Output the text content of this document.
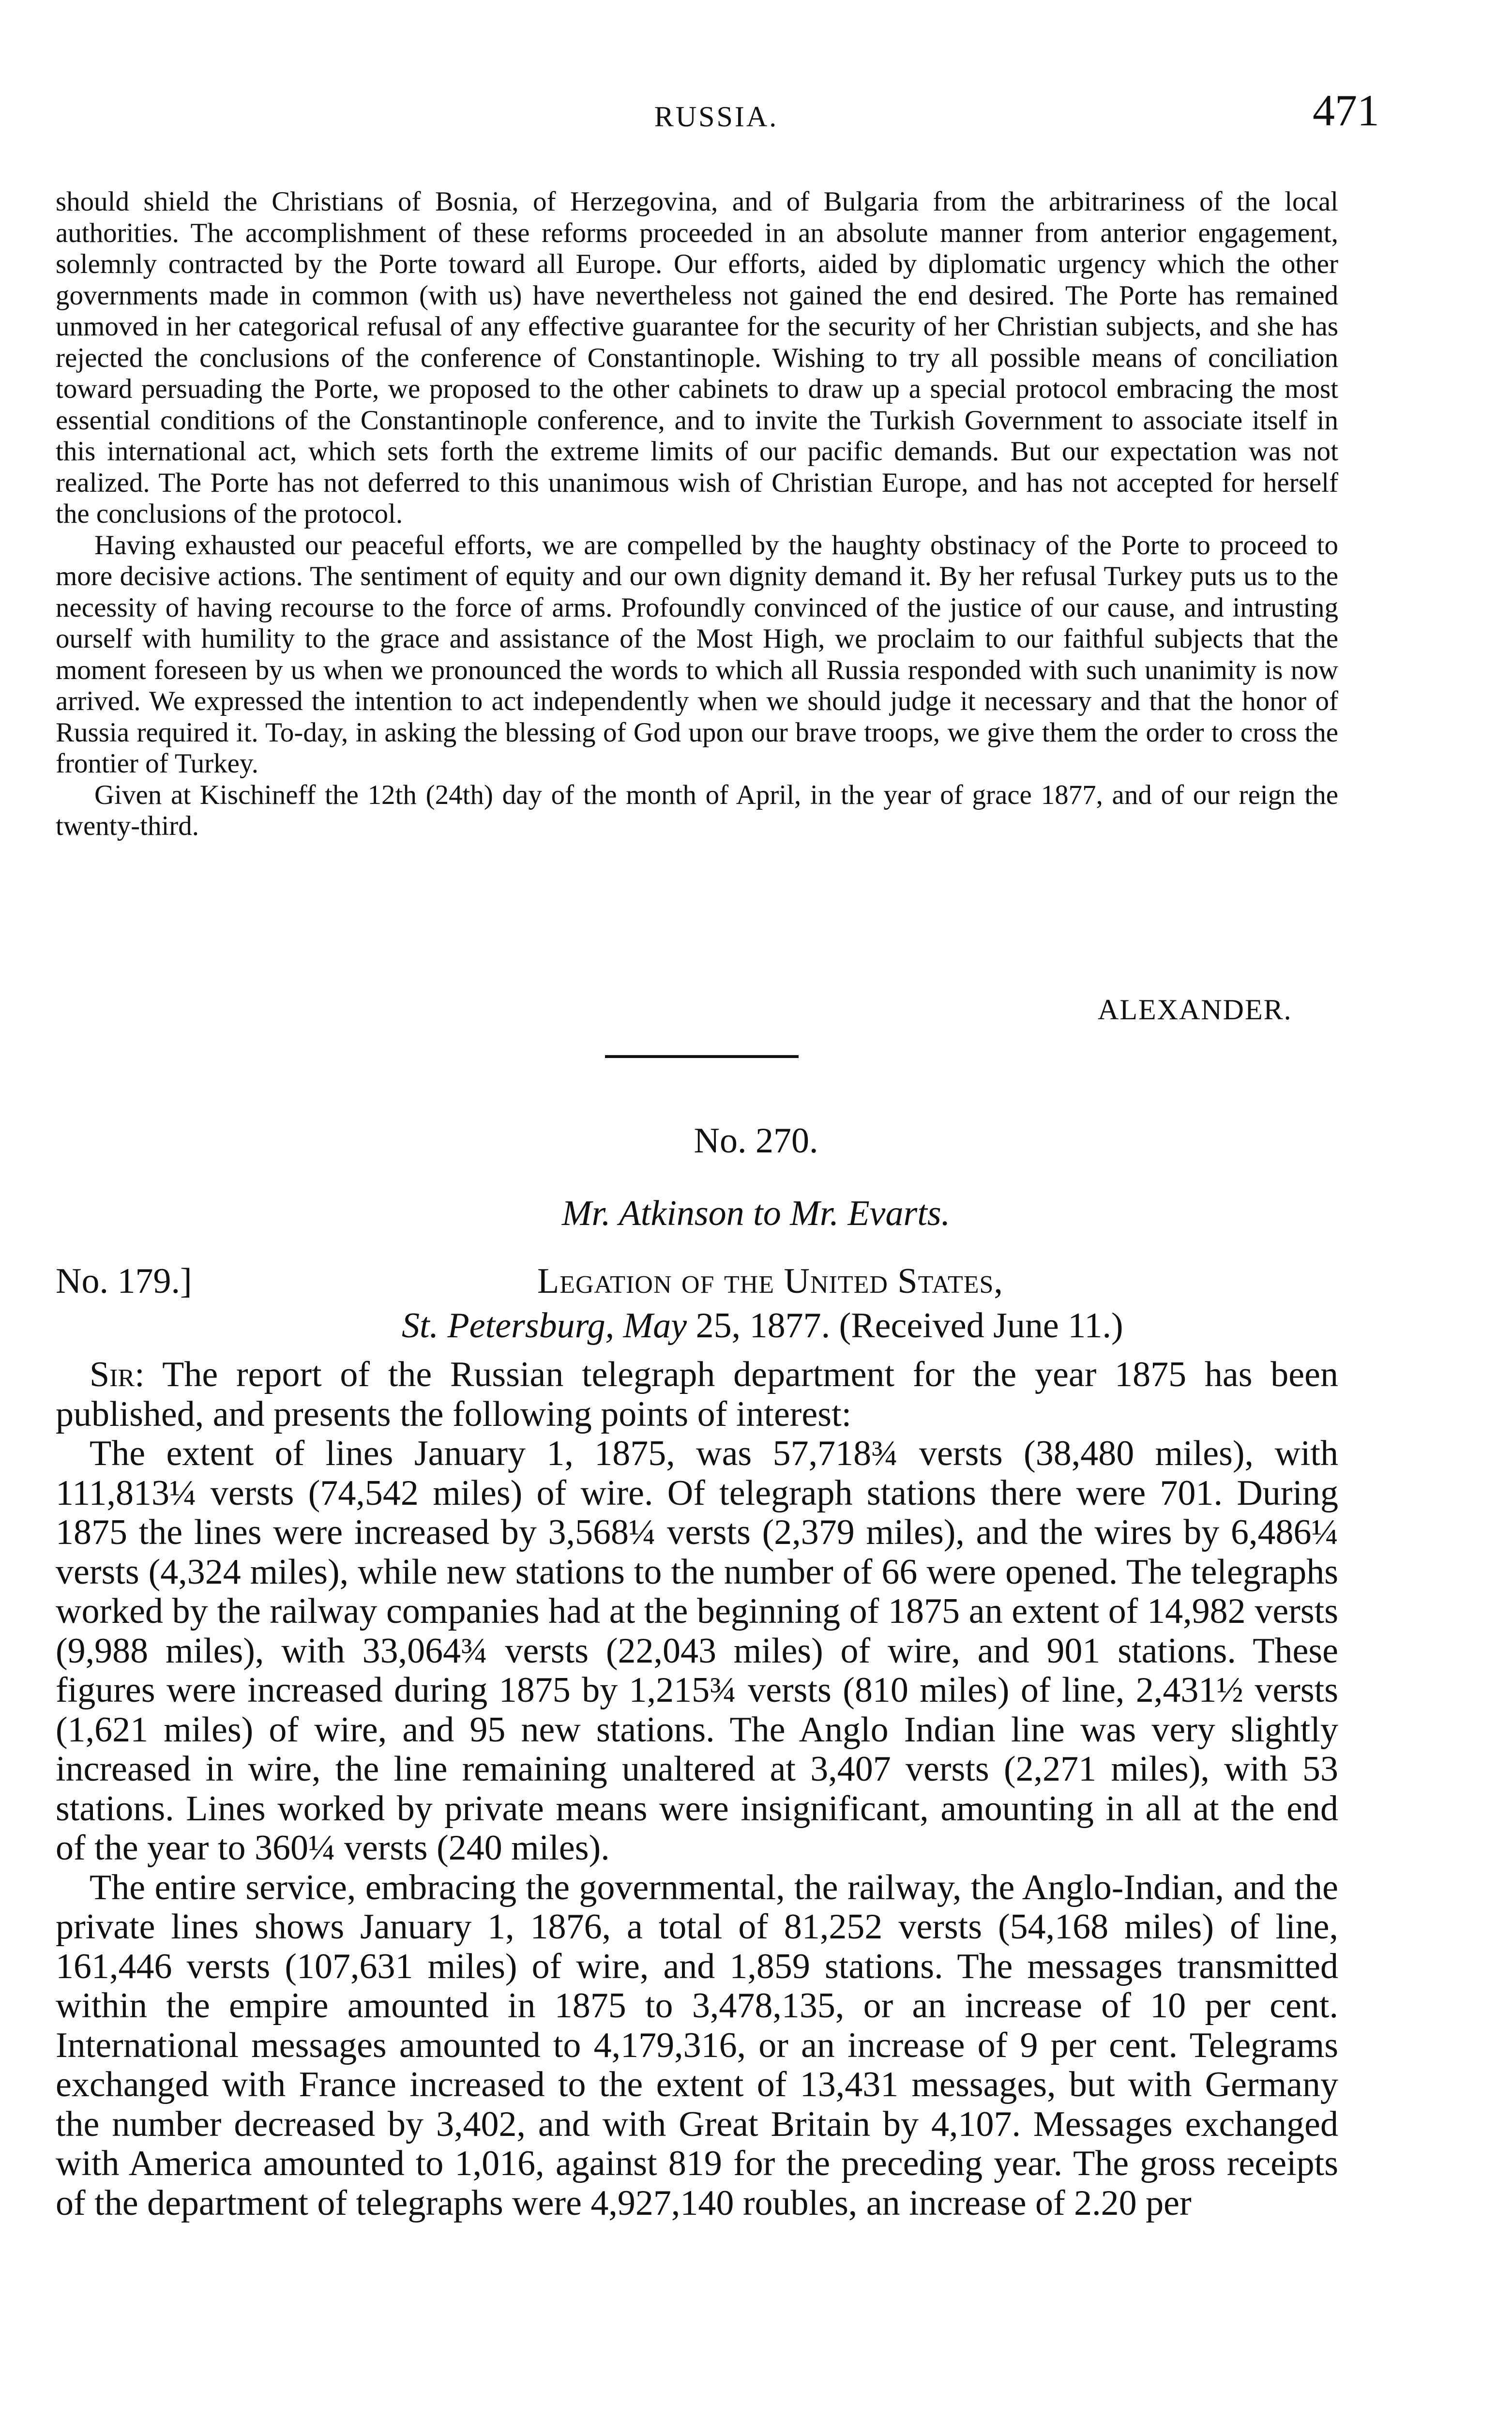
RUSSIA.	471

should shield the Christians of Bosnia, of Herzegovina, and of Bulgaria from the arbitrariness of the local authorities. The accomplishment of these reforms proceeded in an absolute manner from anterior engagement, solemnly contracted by the Porte toward all Europe. Our efforts, aided by diplomatic urgency which the other governments made in common (with us) have nevertheless not gained the end desired. The Porte has remained unmoved in her categorical refusal of any effective guarantee for the security of her Christian subjects, and she has rejected the conclusions of the conference of Constantinople. Wishing to try all possible means of conciliation toward persuading the Porte, we proposed to the other cabinets to draw up a special protocol embracing the most essential conditions of the Constantinople conference, and to invite the Turkish Government to associate itself in this international act, which sets forth the extreme limits of our pacific demands. But our expectation was not realized. The Porte has not deferred to this unanimous wish of Christian Europe, and has not accepted for herself the conclusions of the protocol.

Having exhausted our peaceful efforts, we are compelled by the haughty obstinacy of the Porte to proceed to more decisive actions. The sentiment of equity and our own dignity demand it. By her refusal Turkey puts us to the necessity of having recourse to the force of arms. Profoundly convinced of the justice of our cause, and intrusting ourself with humility to the grace and assistance of the Most High, we proclaim to our faithful subjects that the moment foreseen by us when we pronounced the words to which all Russia responded with such unanimity is now arrived. We expressed the intention to act independently when we should judge it necessary and that the honor of Russia required it. To-day, in asking the blessing of God upon our brave troops, we give them the order to cross the frontier of Turkey.

Given at Kischineff the 12th (24th) day of the month of April, in the year of grace 1877, and of our reign the twenty-third.

ALEXANDER.
No. 270.
Mr. Atkinson to Mr. Evarts.
No. 179.]	Legation of the United States,
St. Petersburg, May 25, 1877. (Received June 11.)

Sir: The report of the Russian telegraph department for the year 1875 has been published, and presents the following points of interest:

The extent of lines January 1, 1875, was 57,718¾ versts (38,480 miles), with 111,813¼ versts (74,542 miles) of wire. Of telegraph stations there were 701. During 1875 the lines were increased by 3,568¼ versts (2,379 miles), and the wires by 6,486¼ versts (4,324 miles), while new stations to the number of 66 were opened. The telegraphs worked by the railway companies had at the beginning of 1875 an extent of 14,982 versts (9,988 miles), with 33,064¾ versts (22,043 miles) of wire, and 901 stations. These figures were increased during 1875 by 1,215¾ versts (810 miles) of line, 2,431½ versts (1,621 miles) of wire, and 95 new stations. The Anglo Indian line was very slightly increased in wire, the line remaining unaltered at 3,407 versts (2,271 miles), with 53 stations. Lines worked by private means were insignificant, amounting in all at the end of the year to 360¼ versts (240 miles).

The entire service, embracing the governmental, the railway, the Anglo-Indian, and the private lines shows January 1, 1876, a total of 81,252 versts (54,168 miles) of line, 161,446 versts (107,631 miles) of wire, and 1,859 stations. The messages transmitted within the empire amounted in 1875 to 3,478,135, or an increase of 10 per cent. International messages amounted to 4,179,316, or an increase of 9 per cent. Telegrams exchanged with France increased to the extent of 13,431 messages, but with Germany the number decreased by 3,402, and with Great Britain by 4,107. Messages exchanged with America amounted to 1,016, against 819 for the preceding year. The gross receipts of the department of telegraphs were 4,927,140 roubles, an increase of 2.20 per
